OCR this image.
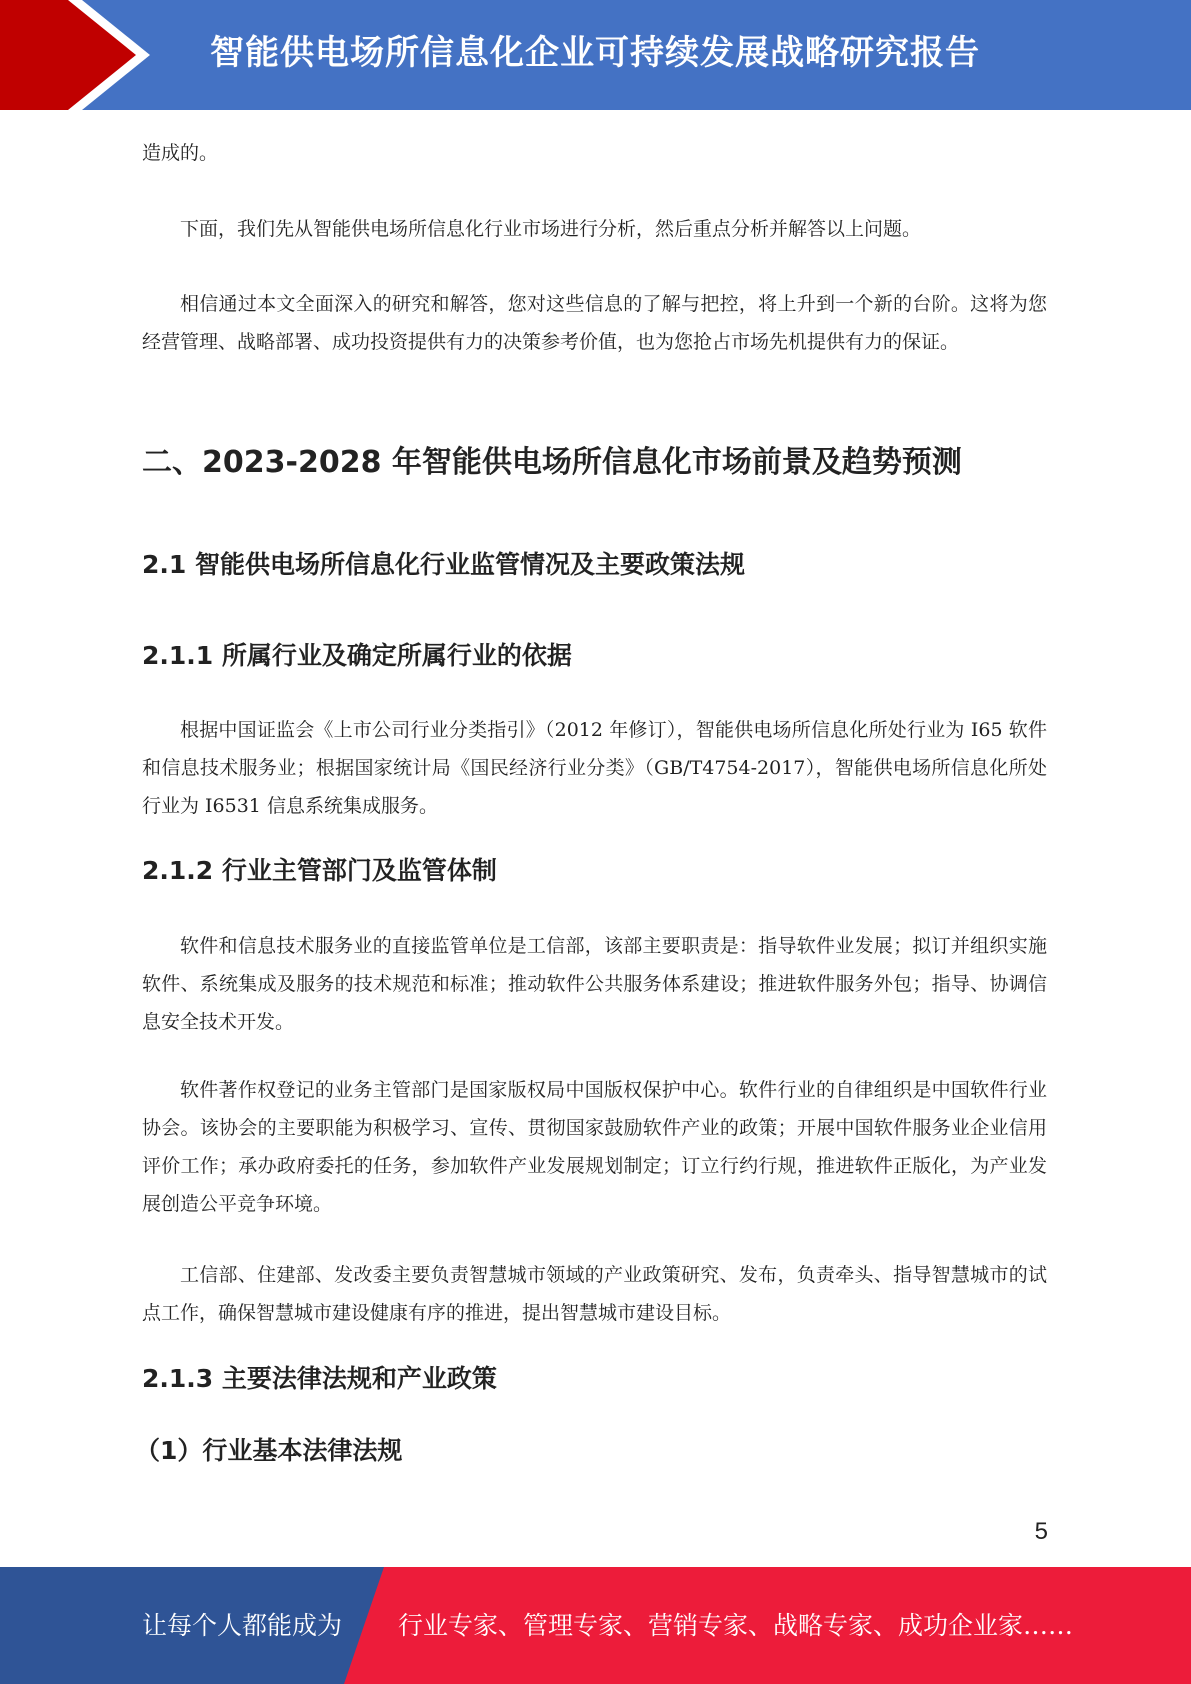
智能供电场所信息化企业可持续发展战略研究报告

造成的。

下面，我们先从智能供电场所信息化行业市场进行分析，然后重点分析并解答以上问题。

相信通过本文全面深入的研究和解答，您对这些信息的了解与把控，将上升到一个新的台阶。这将为您经营管理、战略部署、成功投资提供有力的决策参考价值，也为您抢占市场先机提供有力的保证。

二、2023-2028 年智能供电场所信息化市场前景及趋势预测
2.1 智能供电场所信息化行业监管情况及主要政策法规
2.1.1 所属行业及确定所属行业的依据

根据中国证监会《上市公司行业分类指引》（2012 年修订），智能供电场所信息化所处行业为 I65 软件和信息技术服务业；根据国家统计局《国民经济行业分类》（GB/T4754-2017），智能供电场所信息化所处行业为 I6531 信息系统集成服务。

2.1.2 行业主管部门及监管体制

软件和信息技术服务业的直接监管单位是工信部，该部主要职责是：指导软件业发展；拟订并组织实施软件、系统集成及服务的技术规范和标准；推动软件公共服务体系建设；推进软件服务外包；指导、协调信息安全技术开发。

软件著作权登记的业务主管部门是国家版权局中国版权保护中心。软件行业的自律组织是中国软件行业协会。该协会的主要职能为积极学习、宣传、贯彻国家鼓励软件产业的政策；开展中国软件服务业企业信用评价工作；承办政府委托的任务，参加软件产业发展规划制定；订立行约行规，推进软件正版化，为产业发展创造公平竞争环境。

工信部、住建部、发改委主要负责智慧城市领域的产业政策研究、发布，负责牵头、指导智慧城市的试点工作，确保智慧城市建设健康有序的推进，提出智慧城市建设目标。

2.1.3 主要法律法规和产业政策
（1）行业基本法律法规
5
让每个人都能成为 行业专家、管理专家、营销专家、战略专家、成功企业家……
